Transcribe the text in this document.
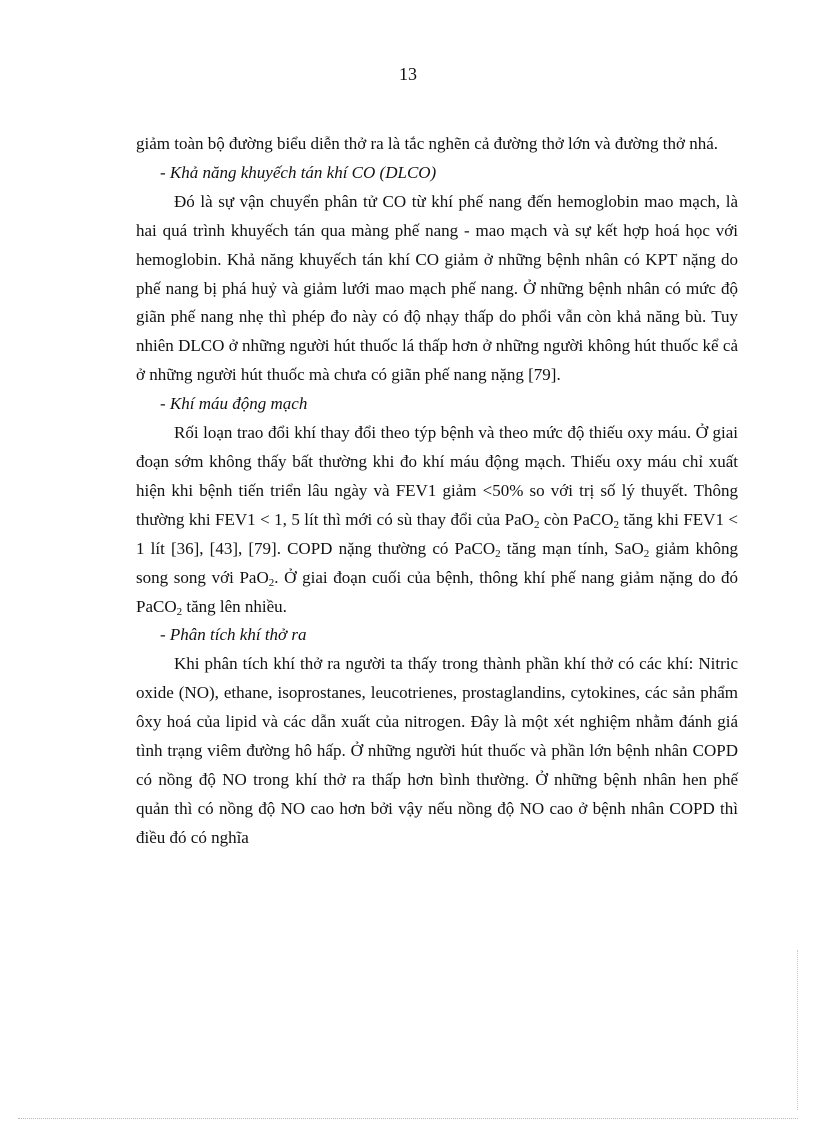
13

giảm toàn bộ đường biểu diễn thở ra là tắc nghẽn cả đường thở lớn và đường thở nhá.

- Khả năng khuyếch tán khí CO (DLCO)

Đó là sự vận chuyển phân tử CO từ khí phế nang đến hemoglobin mao mạch, là hai quá trình khuyếch tán qua màng phế nang - mao mạch và sự kết hợp hoá học với hemoglobin. Khả năng khuyếch tán khí CO giảm ở những bệnh nhân có KPT nặng do phế nang bị phá huỷ và giảm lưới mao mạch phế nang. Ở những bệnh nhân có mức độ giãn phế nang nhẹ thì phép đo này có độ nhạy thấp do phổi vẫn còn khả năng bù. Tuy nhiên DLCO ở những người hút thuốc lá thấp hơn ở những người không hút thuốc kể cả ở những người hút thuốc mà chưa có giãn phế nang nặng [79].

- Khí máu động mạch

Rối loạn trao đổi khí thay đổi theo týp bệnh và theo mức độ thiếu oxy máu. Ở giai đoạn sớm không thấy bất thường khi đo khí máu động mạch. Thiếu oxy máu chỉ xuất hiện khi bệnh tiến triển lâu ngày và FEV1 giảm <50% so với trị số lý thuyết. Thông thường khi FEV1 < 1, 5 lít thì mới có sù thay đổi của PaO$_2$ còn PaCO$_2$ tăng khi FEV1 < 1 lít [36], [43], [79]. COPD nặng thường có PaCO$_2$ tăng mạn tính, SaO$_2$ giảm không song song với PaO$_2$. Ở giai đoạn cuối của bệnh, thông khí phế nang giảm nặng do đó PaCO$_2$ tăng lên nhiều.

- Phân tích khí thở ra

Khi phân tích khí thở ra người ta thấy trong thành phần khí thở có các khí: Nitric oxide (NO), ethane, isoprostanes, leucotrienes, prostaglandins, cytokines, các sản phẩm ôxy hoá của lipid và các dẫn xuất của nitrogen. Đây là một xét nghiệm nhằm đánh giá tình trạng viêm đường hô hấp. Ở những người hút thuốc và phần lớn bệnh nhân COPD có nồng độ NO trong khí thở ra thấp hơn bình thường. Ở những bệnh nhân hen phế quản thì có nồng độ NO cao hơn bởi vậy nếu nồng độ NO cao ở bệnh nhân COPD thì điều đó có nghĩa
